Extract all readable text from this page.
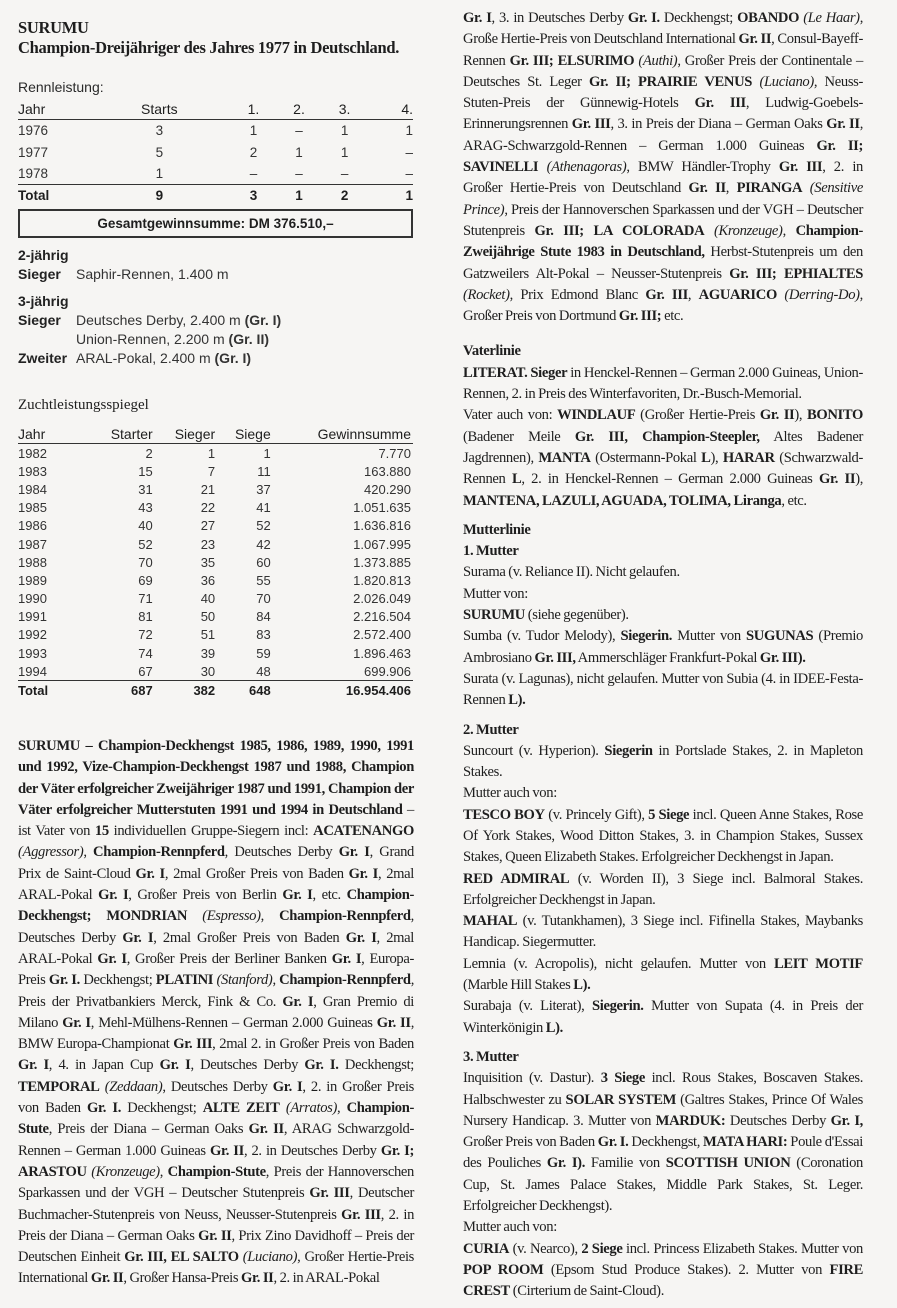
SURUMU
Champion-Dreijähriger des Jahres 1977 in Deutschland.
Rennleistung:
Jahr	Starts	1.	2.	3.	4.
1976	3	1	–	1	1
1977	5	2	1	1	–
1978	1	–	–	–	–
Total	9	3	1	2	1
Gesamtgewinnsumme: DM 376.510,–
2-jährig
Sieger Saphir-Rennen, 1.400 m
3-jährig
Sieger Deutsches Derby, 2.400 m (Gr. I)
Union-Rennen, 2.200 m (Gr. II)
Zweiter ARAL-Pokal, 2.400 m (Gr. I)
Zuchtleistungsspiegel
Jahr	Starter	Sieger	Siege	Gewinnsumme
1982	2	1	1	7.770
1983	15	7	11	163.880
1984	31	21	37	420.290
1985	43	22	41	1.051.635
1986	40	27	52	1.636.816
1987	52	23	42	1.067.995
1988	70	35	60	1.373.885
1989	69	36	55	1.820.813
1990	71	40	70	2.026.049
1991	81	50	84	2.216.504
1992	72	51	83	2.572.400
1993	74	39	59	1.896.463
1994	67	30	48	699.906
Total	687	382	648	16.954.406

SURUMU – Champion-Deckhengst 1985, 1986, 1989, 1990, 1991 und 1992, Vize-Champion-Deckhengst 1987 und 1988, Champion der Väter erfolgreicher Zweijähriger 1987 und 1991, Champion der Väter erfolgreicher Mutterstuten 1991 und 1994 in Deutschland – ist Vater von 15 individuellen Gruppe-Siegern incl: ACATENANGO (Aggressor), Champion-Rennpferd, Deutsches Derby Gr. I, Grand Prix de Saint-Cloud Gr. I, 2mal Großer Preis von Baden Gr. I, 2mal ARAL-Pokal Gr. I, Großer Preis von Berlin Gr. I, etc. Champion-Deckhengst; MONDRIAN (Espresso), Champion-Rennpferd, Deutsches Derby Gr. I, 2mal Großer Preis von Baden Gr. I, 2mal ARAL-Pokal Gr. I, Großer Preis der Berliner Banken Gr. I, Europa-Preis Gr. I. Deckhengst; PLATINI (Stanford), Champion-Rennpferd, Preis der Privatbankiers Merck, Fink & Co. Gr. I, Gran Premio di Milano Gr. I, Mehl-Mülhens-Rennen – German 2.000 Guineas Gr. II, BMW Europa-Championat Gr. III, 2mal 2. in Großer Preis von Baden Gr. I, 4. in Japan Cup Gr. I, Deutsches Derby Gr. I. Deckhengst; TEMPORAL (Zeddaan), Deutsches Derby Gr. I, 2. in Großer Preis von Baden Gr. I. Deckhengst; ALTE ZEIT (Arratos), Champion-Stute, Preis der Diana – German Oaks Gr. II, ARAG Schwarzgold-Rennen – German 1.000 Guineas Gr. II, 2. in Deutsches Derby Gr. I; ARASTOU (Kronzeuge), Champion-Stute, Preis der Hannoverschen Sparkassen und der VGH – Deutscher Stutenpreis Gr. III, Deutscher Buchmacher-Stutenpreis von Neuss, Neusser-Stutenpreis Gr. III, 2. in Preis der Diana – German Oaks Gr. II, Prix Zino Davidhoff – Preis der Deutschen Einheit Gr. III, EL SALTO (Luciano), Großer Hertie-Preis International Gr. II, Großer Hansa-Preis Gr. II, 2. in ARAL-Pokal

Gr. I, 3. in Deutsches Derby Gr. I. Deckhengst; OBANDO (Le Haar), Große Hertie-Preis von Deutschland International Gr. II, Consul-Bayeff-Rennen Gr. III; ELSURIMO (Authi), Großer Preis der Continentale – Deutsches St. Leger Gr. II; PRAIRIE VENUS (Luciano), Neuss-Stuten-Preis der Günnewig-Hotels Gr. III, Ludwig-Goebels-Erinnerungsrennen Gr. III, 3. in Preis der Diana – German Oaks Gr. II, ARAG-Schwarzgold-Rennen – German 1.000 Guineas Gr. II; SAVINELLI (Athenagoras), BMW Händler-Trophy Gr. III, 2. in Großer Hertie-Preis von Deutschland Gr. II, PIRANGA (Sensitive Prince), Preis der Hannoverschen Sparkassen und der VGH – Deutscher Stutenpreis Gr. III; LA COLORADA (Kronzeuge), Champion-Zweijährige Stute 1983 in Deutschland, Herbst-Stutenpreis um den Gatzweilers Alt-Pokal – Neusser-Stutenpreis Gr. III; EPHIALTES (Rocket), Prix Edmond Blanc Gr. III, AGUARICO (Derring-Do), Großer Preis von Dortmund Gr. III; etc.

Vaterlinie

LITERAT. Sieger in Henckel-Rennen – German 2.000 Guineas, Union-Rennen, 2. in Preis des Winterfavoriten, Dr.-Busch-Memorial.

Vater auch von: WINDLAUF (Großer Hertie-Preis Gr. II), BONITO (Badener Meile Gr. III, Champion-Steepler, Altes Badener Jagdrennen), MANTA (Ostermann-Pokal L), HARAR (Schwarzwald-Rennen L, 2. in Henckel-Rennen – German 2.000 Guineas Gr. II), MANTENA, LAZULI, AGUADA, TOLIMA, Liranga, etc.

Mutterlinie

1. Mutter

Surama (v. Reliance II). Nicht gelaufen.

Mutter von:

SURUMU (siehe gegenüber).

Sumba (v. Tudor Melody), Siegerin. Mutter von SUGUNAS (Premio Ambrosiano Gr. III, Ammerschläger Frankfurt-Pokal Gr. III).

Surata (v. Lagunas), nicht gelaufen. Mutter von Subia (4. in IDEE-Festa-Rennen L).

2. Mutter

Suncourt (v. Hyperion). Siegerin in Portslade Stakes, 2. in Mapleton Stakes.

Mutter auch von:

TESCO BOY (v. Princely Gift), 5 Siege incl. Queen Anne Stakes, Rose Of York Stakes, Wood Ditton Stakes, 3. in Champion Stakes, Sussex Stakes, Queen Elizabeth Stakes. Erfolgreicher Deckhengst in Japan.

RED ADMIRAL (v. Worden II), 3 Siege incl. Balmoral Stakes. Erfolgreicher Deckhengst in Japan.

MAHAL (v. Tutankhamen), 3 Siege incl. Fifinella Stakes, Maybanks Handicap. Siegermutter.

Lemnia (v. Acropolis), nicht gelaufen. Mutter von LEIT MOTIF (Marble Hill Stakes L).

Surabaja (v. Literat), Siegerin. Mutter von Supata (4. in Preis der Winterkönigin L).

3. Mutter

Inquisition (v. Dastur). 3 Siege incl. Rous Stakes, Boscaven Stakes. Halbschwester zu SOLAR SYSTEM (Galtres Stakes, Prince Of Wales Nursery Handicap. 3. Mutter von MARDUK: Deutsches Derby Gr. I, Großer Preis von Baden Gr. I. Deckhengst, MATA HARI: Poule d'Essai des Pouliches Gr. I). Familie von SCOTTISH UNION (Coronation Cup, St. James Palace Stakes, Middle Park Stakes, St. Leger. Erfolgreicher Deckhengst).

Mutter auch von:

CURIA (v. Nearco), 2 Siege incl. Princess Elizabeth Stakes. Mutter von POP ROOM (Epsom Stud Produce Stakes). 2. Mutter von FIRE CREST (Cirterium de Saint-Cloud).
